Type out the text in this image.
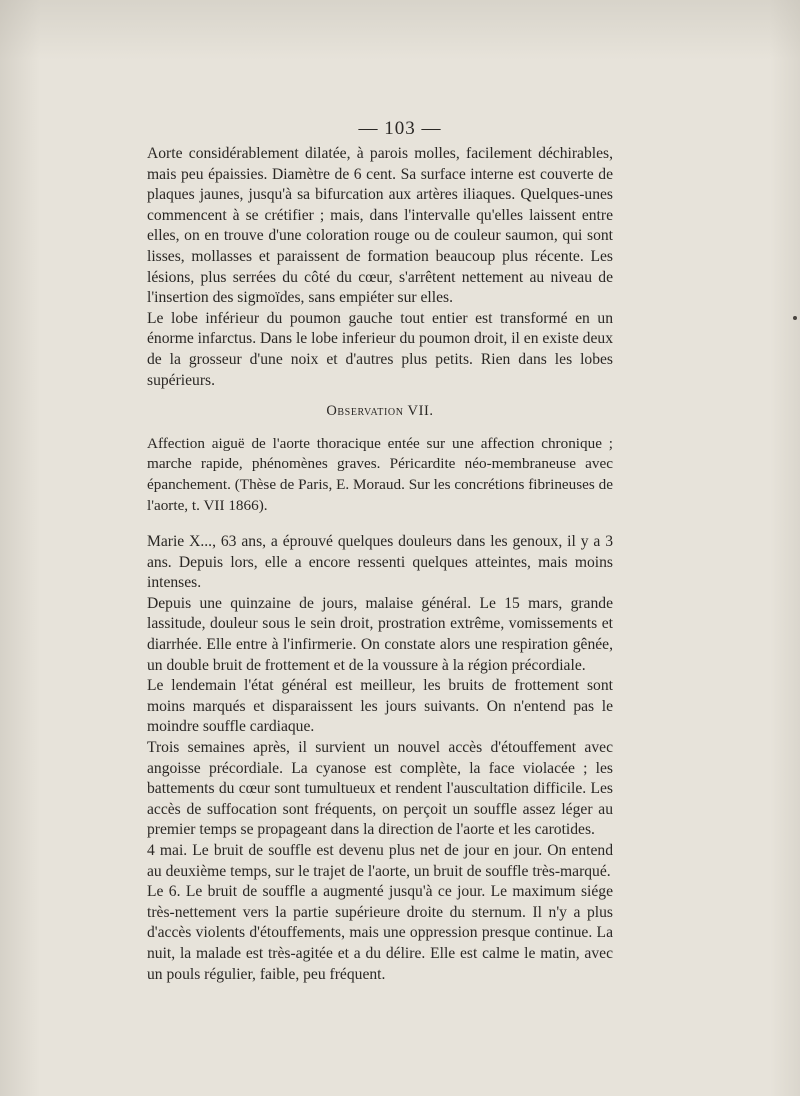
— 103 —

Aorte considérablement dilatée, à parois molles, facilement déchirables, mais peu épaissies. Diamètre de 6 cent. Sa surface interne est couverte de plaques jaunes, jusqu'à sa bifurcation aux artères iliaques. Quelques-unes commencent à se crétifier ; mais, dans l'intervalle qu'elles laissent entre elles, on en trouve d'une coloration rouge ou de couleur saumon, qui sont lisses, mollasses et paraissent de formation beaucoup plus récente. Les lésions, plus serrées du côté du cœur, s'arrêtent nettement au niveau de l'insertion des sigmoïdes, sans empiéter sur elles.

Le lobe inférieur du poumon gauche tout entier est transformé en un énorme infarctus. Dans le lobe inferieur du poumon droit, il en existe deux de la grosseur d'une noix et d'autres plus petits. Rien dans les lobes supérieurs.

Observation VII.

Affection aiguë de l'aorte thoracique entée sur une affection chronique ; marche rapide, phénomènes graves. Péricardite néo-membraneuse avec épanchement. (Thèse de Paris, E. Moraud. Sur les concrétions fibrineuses de l'aorte, t. VII 1866).

Marie X..., 63 ans, a éprouvé quelques douleurs dans les genoux, il y a 3 ans. Depuis lors, elle a encore ressenti quelques atteintes, mais moins intenses.

Depuis une quinzaine de jours, malaise général. Le 15 mars, grande lassitude, douleur sous le sein droit, prostration extrême, vomissements et diarrhée. Elle entre à l'infirmerie. On constate alors une respiration gênée, un double bruit de frottement et de la voussure à la région précordiale.

Le lendemain l'état général est meilleur, les bruits de frottement sont moins marqués et disparaissent les jours suivants. On n'entend pas le moindre souffle cardiaque.

Trois semaines après, il survient un nouvel accès d'étouffement avec angoisse précordiale. La cyanose est complète, la face violacée ; les battements du cœur sont tumultueux et rendent l'auscultation difficile. Les accès de suffocation sont fréquents, on perçoit un souffle assez léger au premier temps se propageant dans la direction de l'aorte et les carotides.

4 mai. Le bruit de souffle est devenu plus net de jour en jour. On entend au deuxième temps, sur le trajet de l'aorte, un bruit de souffle très-marqué.

Le 6. Le bruit de souffle a augmenté jusqu'à ce jour. Le maximum siége très-nettement vers la partie supérieure droite du sternum. Il n'y a plus d'accès violents d'étouffements, mais une oppression presque continue. La nuit, la malade est très-agitée et a du délire. Elle est calme le matin, avec un pouls régulier, faible, peu fréquent.
